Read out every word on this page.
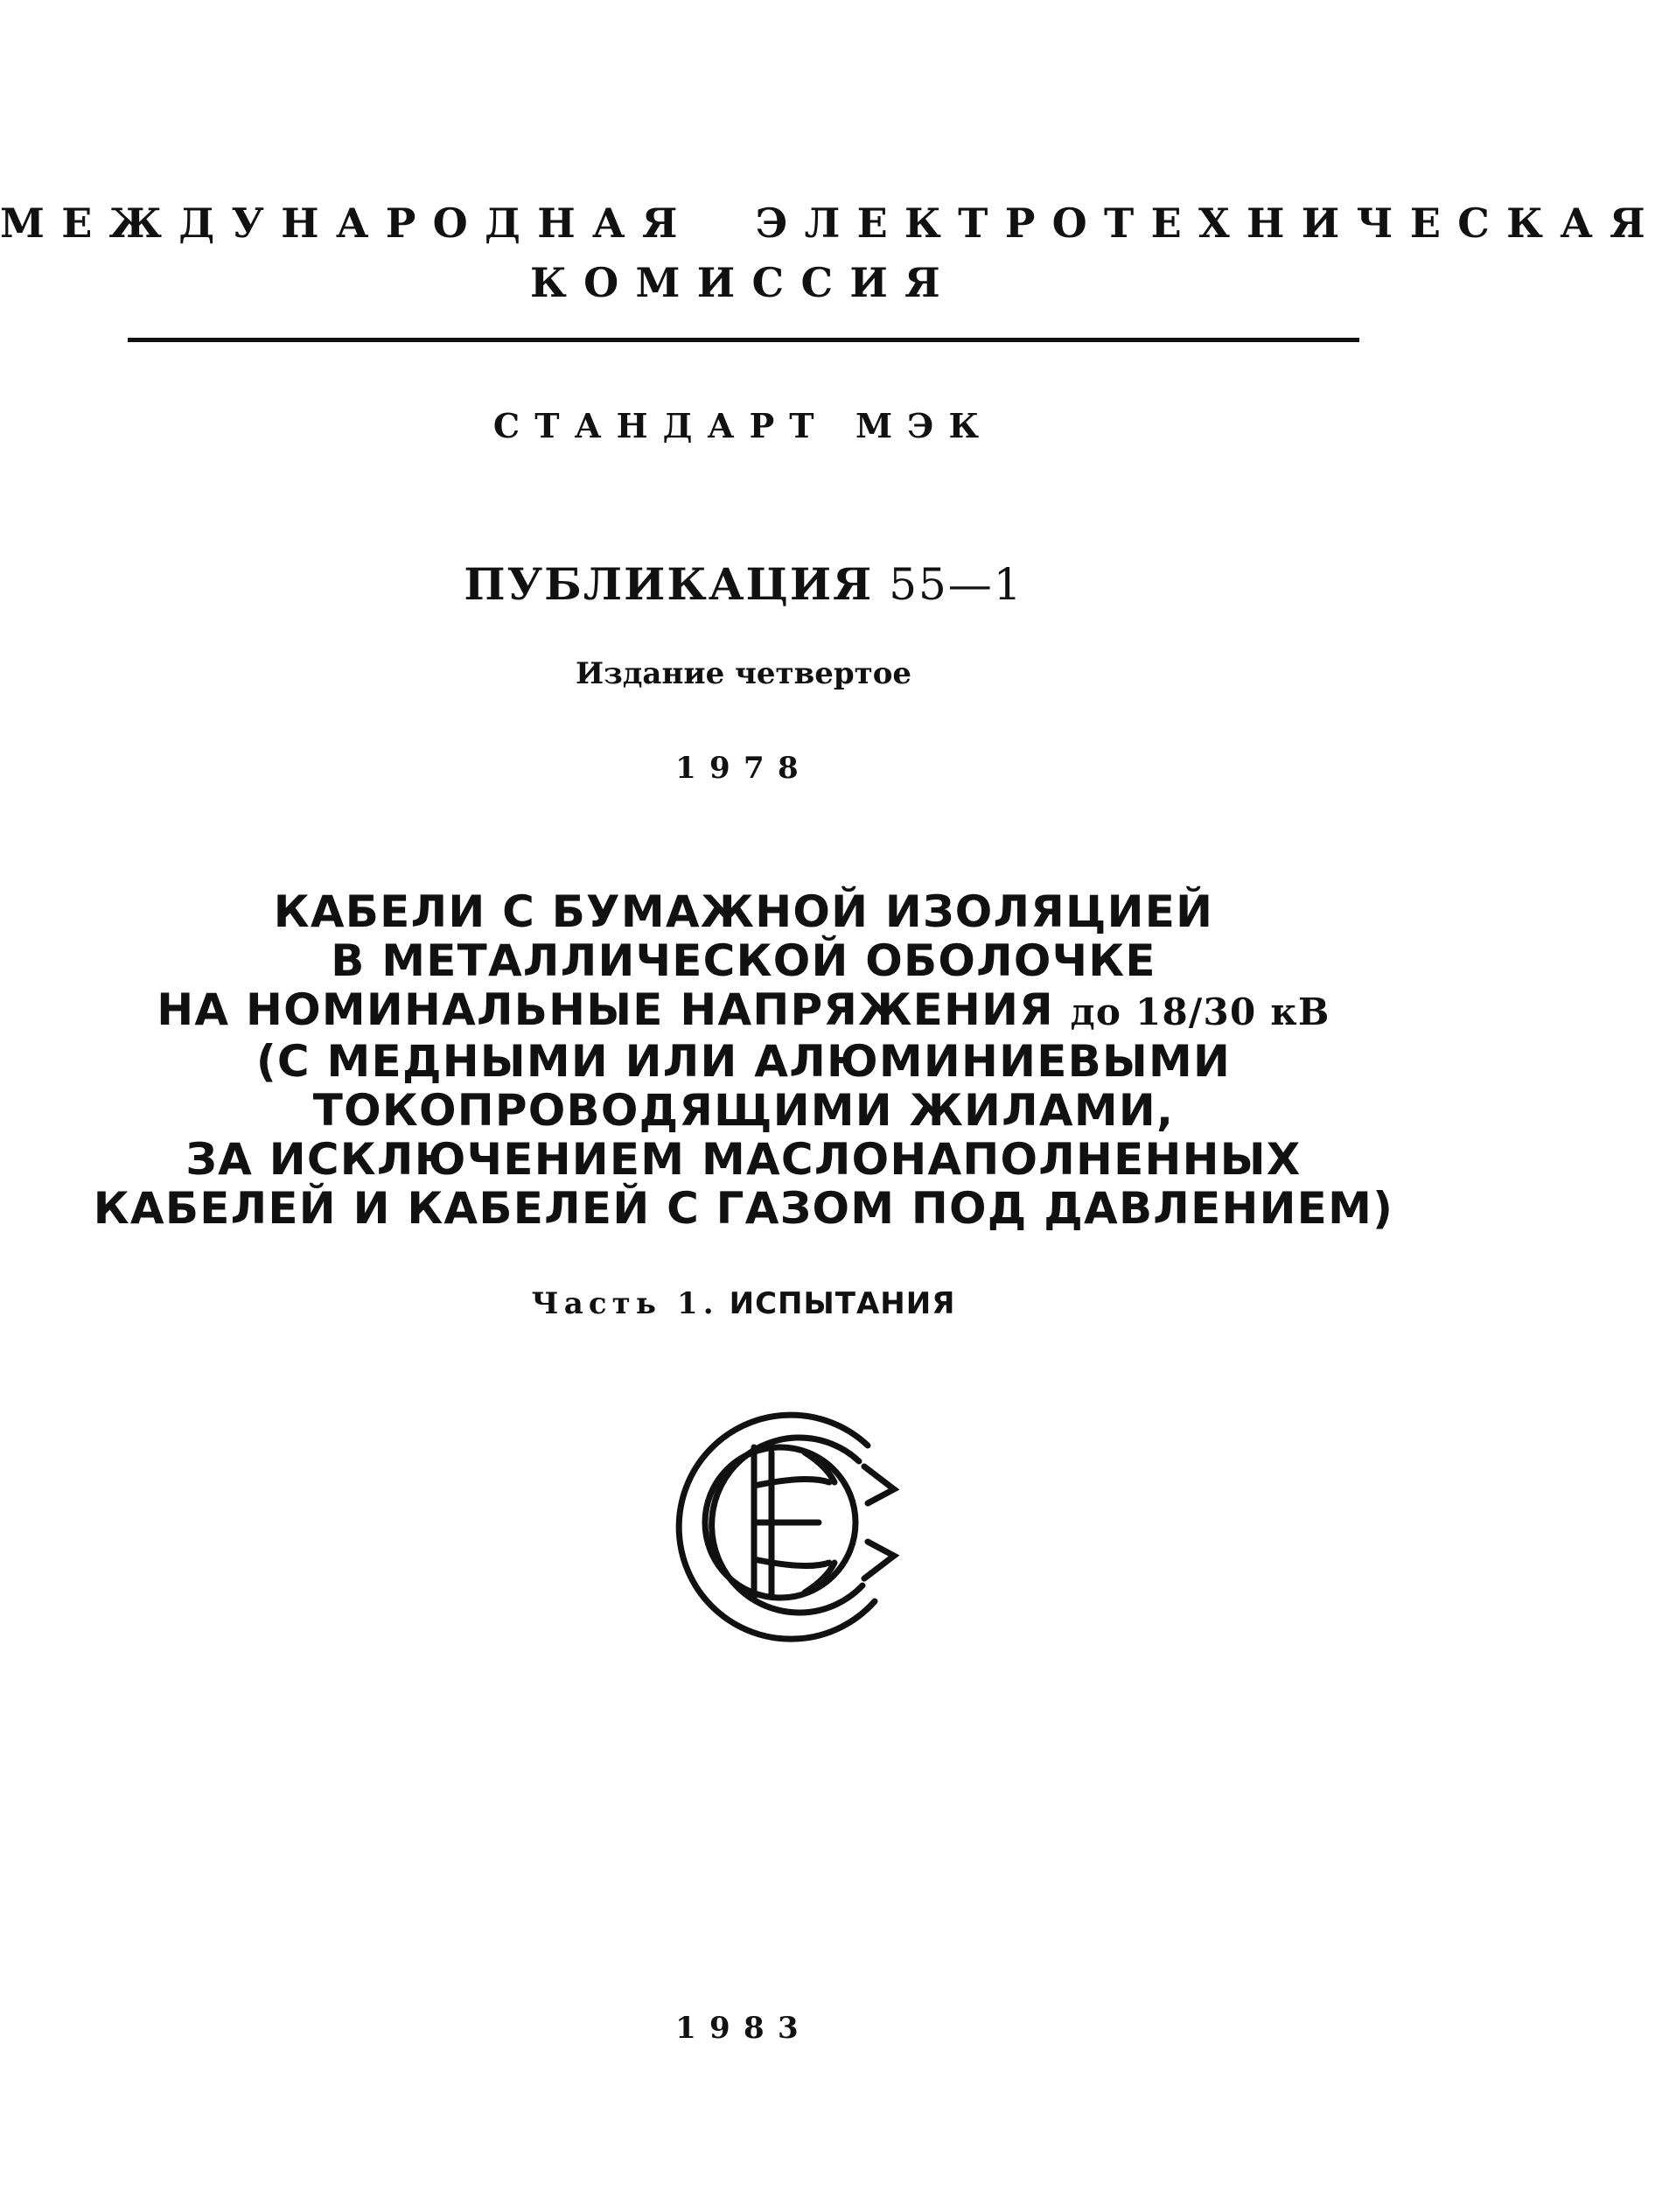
МЕЖДУНАРОДНАЯ ЭЛЕКТРОТЕХНИЧЕСКАЯ
КОМИССИЯ
СТАНДАРТ МЭК
ПУБЛИКАЦИЯ 55—1
Издание четвертое
1978
КАБЕЛИ С БУМАЖНОЙ ИЗОЛЯЦИЕЙ
В МЕТАЛЛИЧЕСКОЙ ОБОЛОЧКЕ
НА НОМИНАЛЬНЫЕ НАПРЯЖЕНИЯ до 18/30 кВ
(С МЕДНЫМИ ИЛИ АЛЮМИНИЕВЫМИ
ТОКОПРОВОДЯЩИМИ ЖИЛАМИ,
ЗА ИСКЛЮЧЕНИЕМ МАСЛОНАПОЛНЕННЫХ
КАБЕЛЕЙ И КАБЕЛЕЙ С ГАЗОМ ПОД ДАВЛЕНИЕМ)
Часть 1. ИСПЫТАНИЯ
1983
